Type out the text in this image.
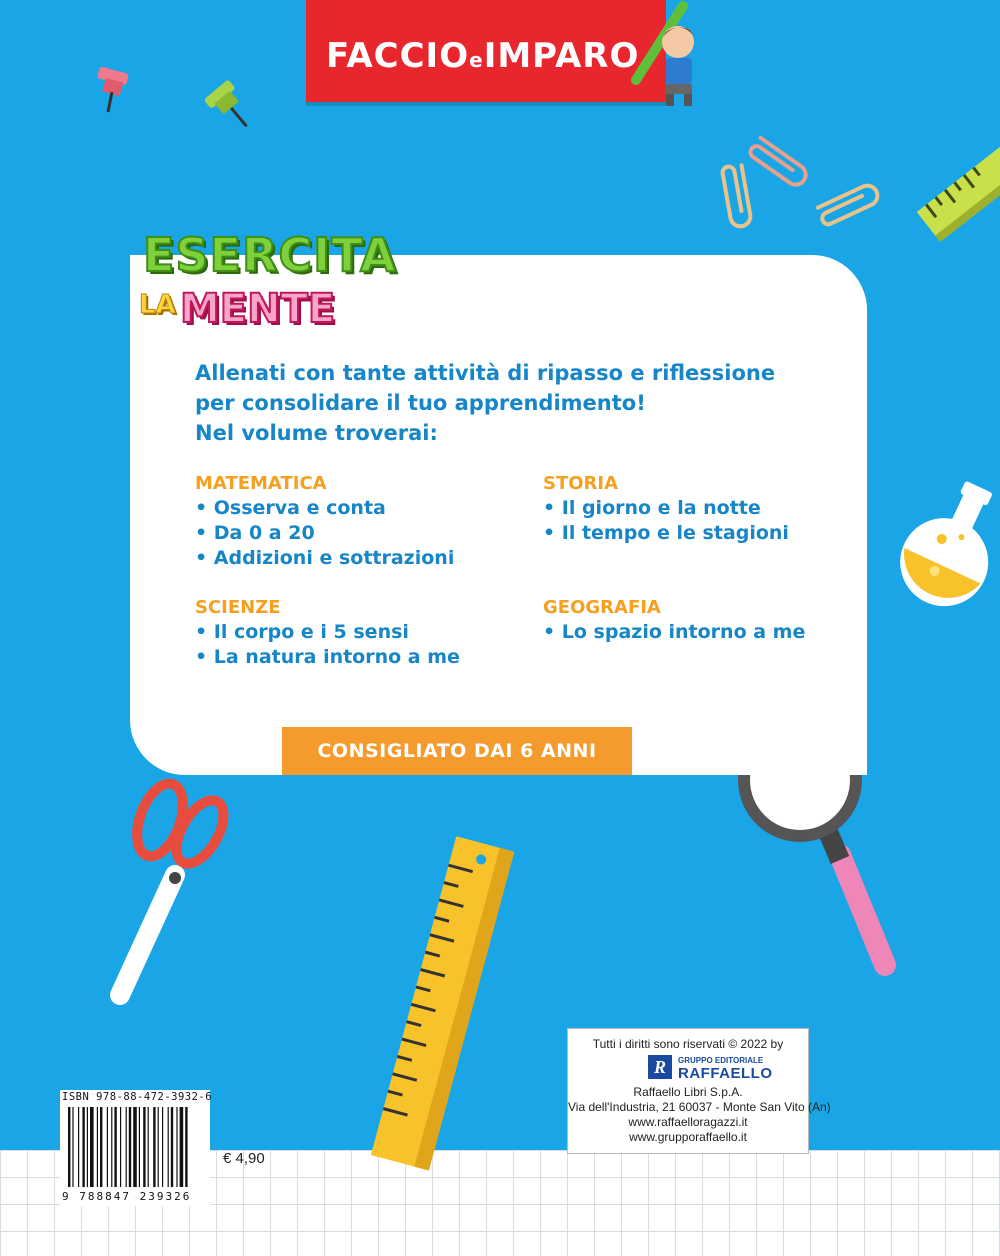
FACCIOeIMPARO
ESERCITA
LA MENTE
Allenati con tante attività di ripasso e riflessione
per consolidare il tuo apprendimento!
Nel volume troverai:
MATEMATICA
• Osserva e conta
• Da 0 a 20
• Addizioni e sottrazioni
STORIA
• Il giorno e la notte
• Il tempo e le stagioni
SCIENZE
• Il corpo e i 5 sensi
• La natura intorno a me
GEOGRAFIA
• Lo spazio intorno a me
CONSIGLIATO DAI 6 ANNI
ISBN 978-88-472-3932-6
9 788847 239326
€ 4,90
Tutti i diritti sono riservati © 2022 by
R	GRUPPO EDITORIALE
RAFFAELLO
Raffaello Libri S.p.A.
Via dell'Industria, 21 60037 - Monte San Vito (An)
www.raffaelloragazzi.it
www.grupporaffaello.it
